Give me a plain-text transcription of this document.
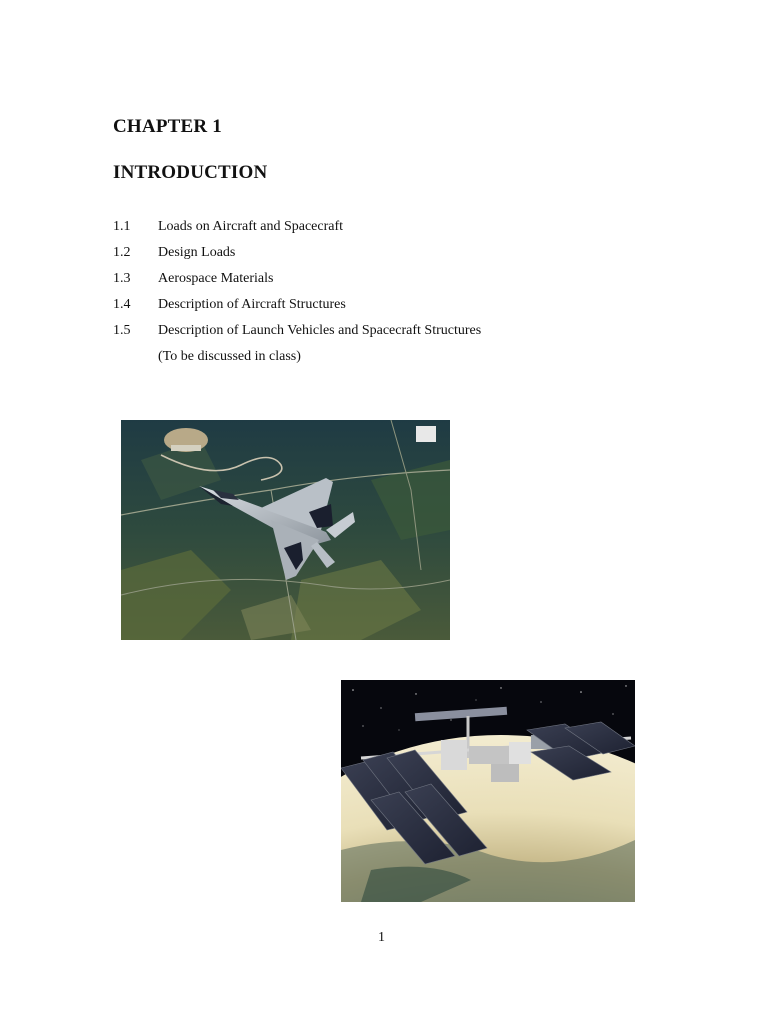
CHAPTER 1
INTRODUCTION
1.1 Loads on Aircraft and Spacecraft
1.2 Design Loads
1.3 Aerospace Materials
1.4 Description of Aircraft Structures
1.5 Description of Launch Vehicles and Spacecraft Structures
(To be discussed in class)
1
